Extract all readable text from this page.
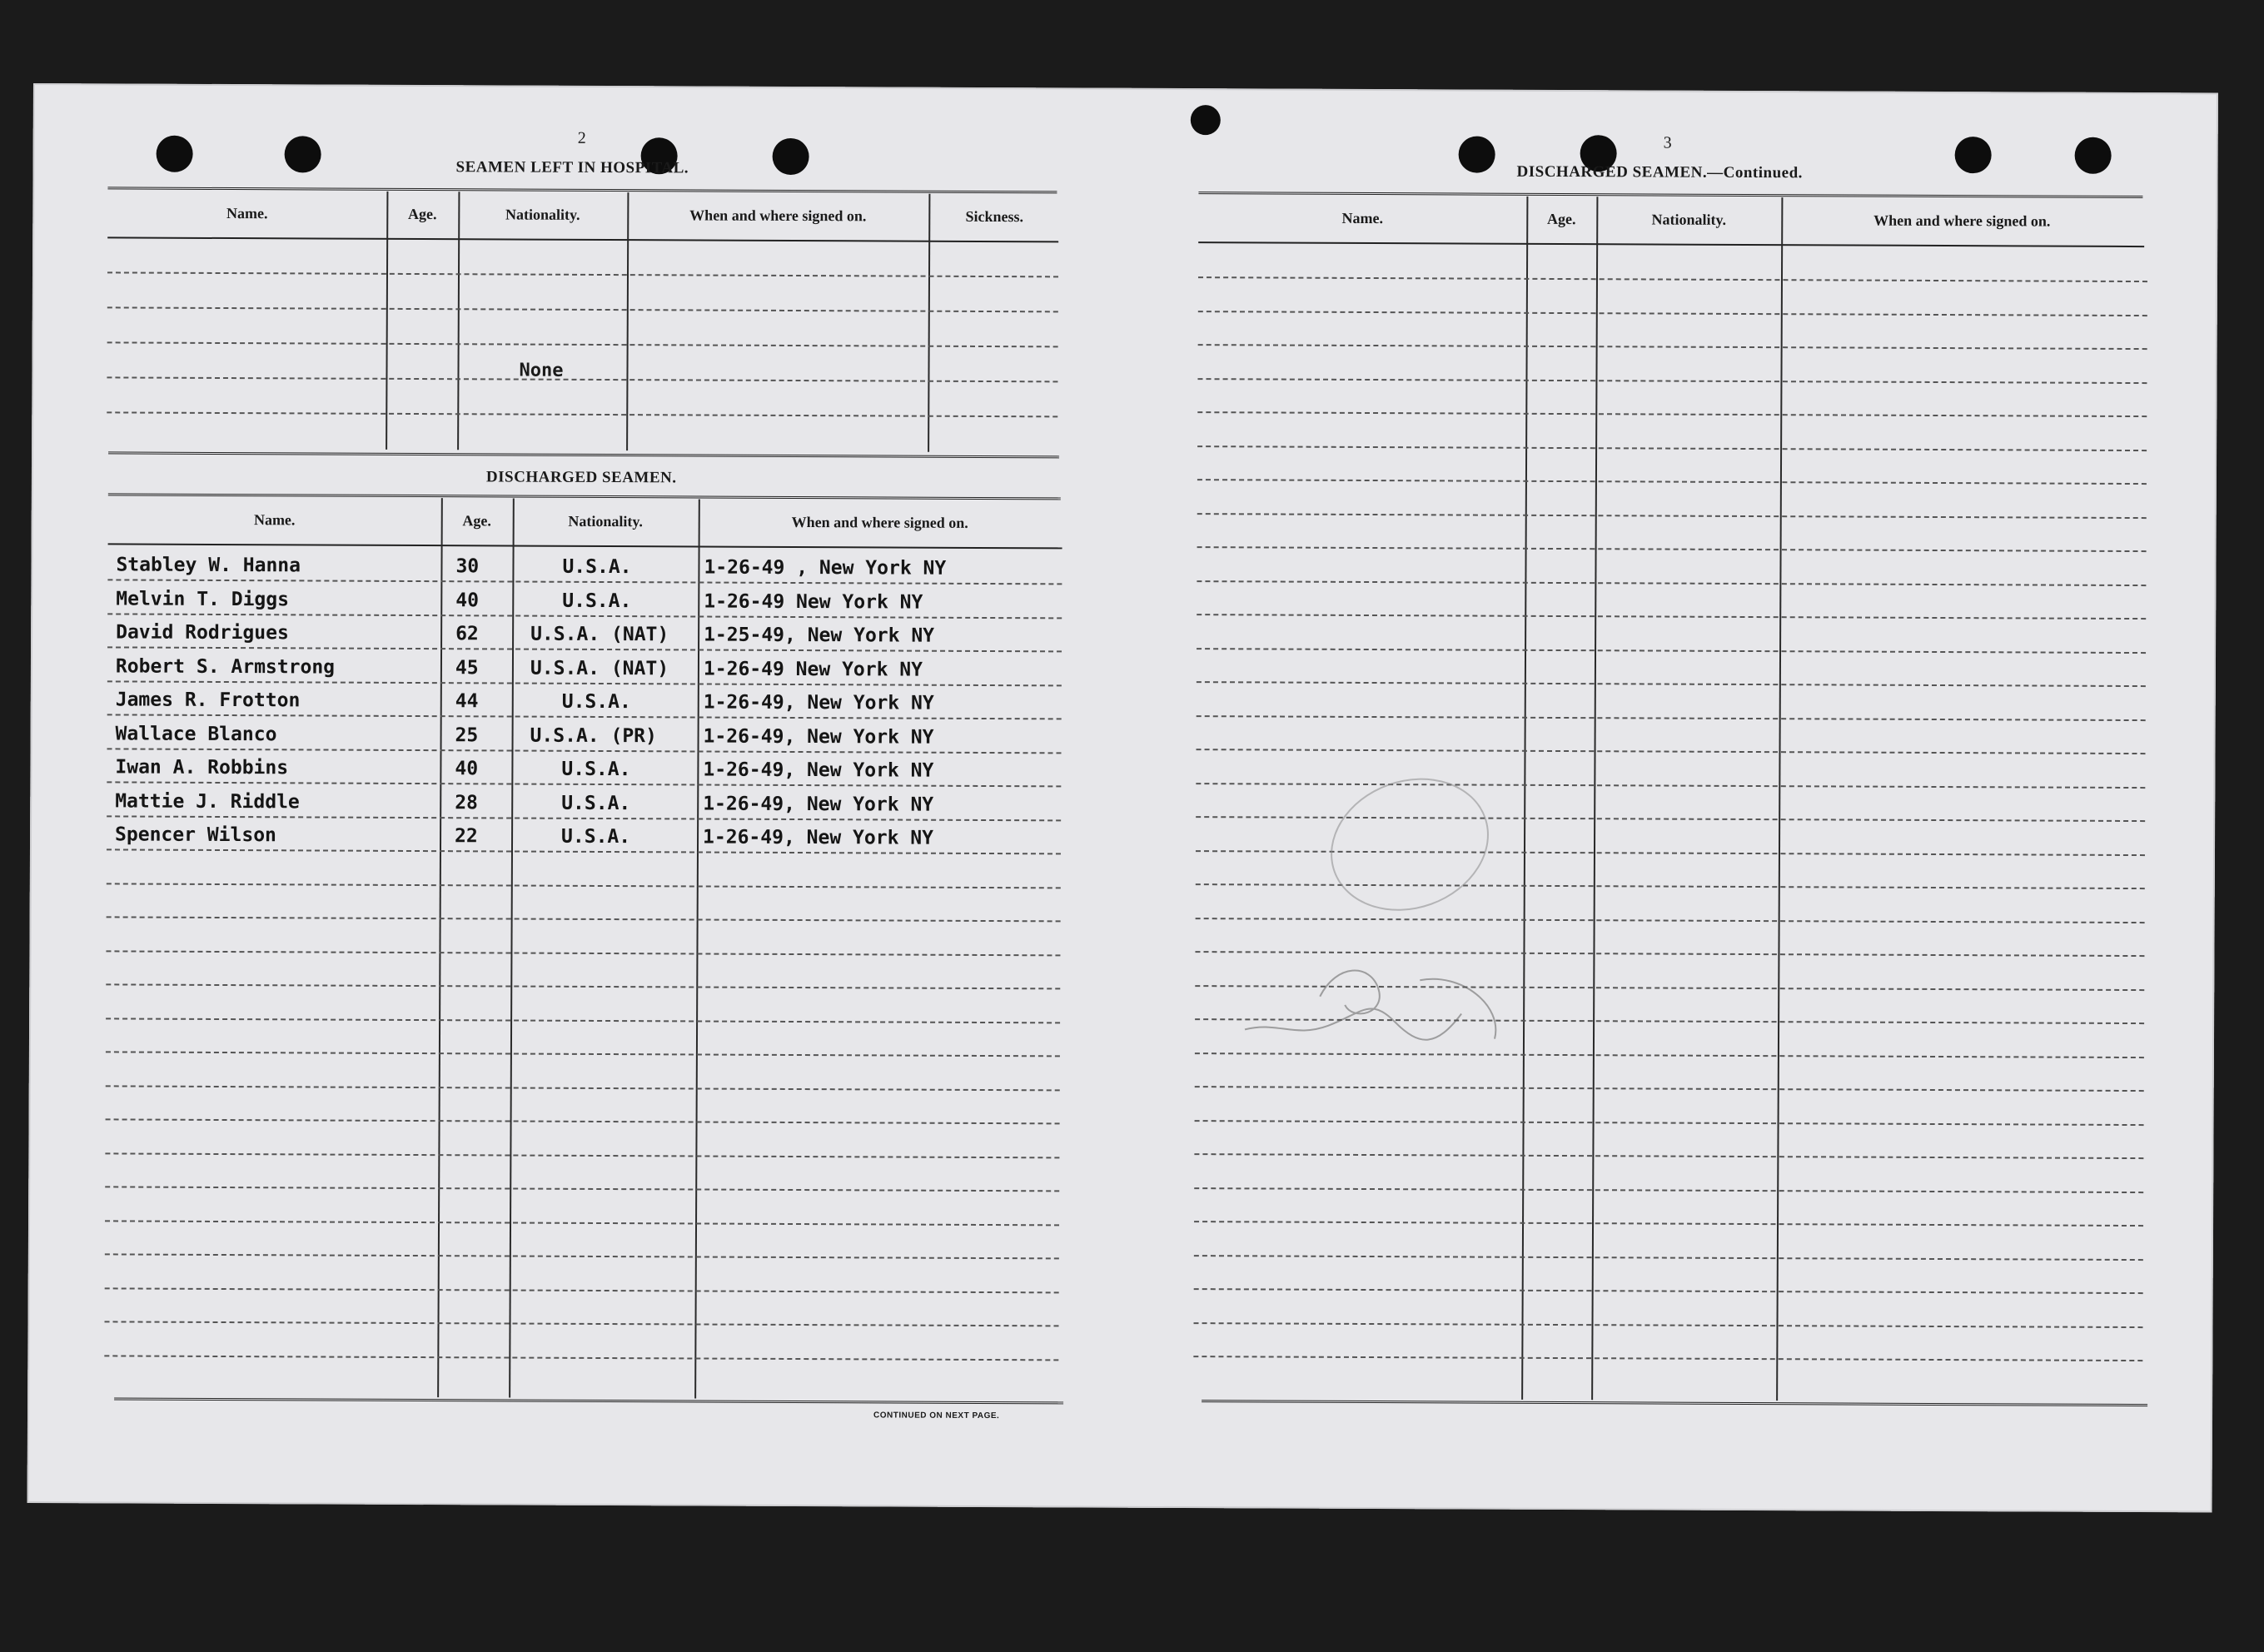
2
SEAMEN LEFT IN HOSPITAL.
Name.	Age.	Nationality.	When and where signed on.	Sickness.
None
DISCHARGED SEAMEN.
Name.	Age.	Nationality.	When and where signed on.
Stabley W. Hanna	30	U.S.A.	1-26-49 , New York NY
Melvin T. Diggs	40	U.S.A.	1-26-49 New York NY
David Rodrigues	62	U.S.A. (NAT) 1-25-49, New York NY
Robert S. Armstrong	45	U.S.A. (NAT) 1-26-49 New York NY
James R. Frotton	44	U.S.A.	1-26-49, New York NY
Wallace Blanco	25	U.S.A. (PR) 1-26-49, New York NY
Iwan A. Robbins	40	U.S.A.	1-26-49, New York NY
Mattie J. Riddle	28	U.S.A.	1-26-49, New York NY
Spencer Wilson	22	U.S.A.	1-26-49, New York NY
CONTINUED ON NEXT PAGE.
3
DISCHARGED SEAMEN.—Continued.
Name.	Age.	Nationality.	When and where signed on.
